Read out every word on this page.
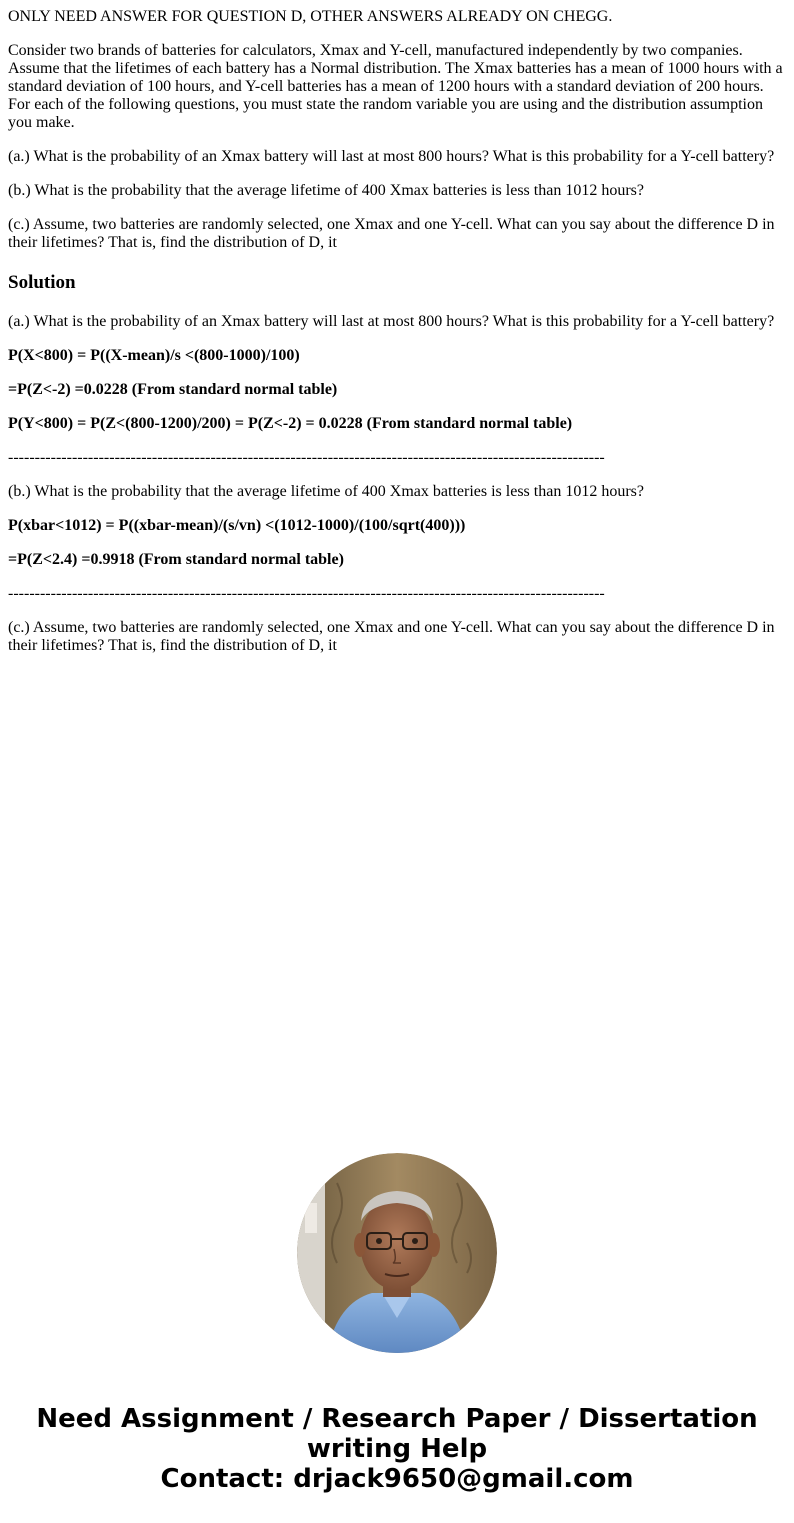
ONLY NEED ANSWER FOR QUESTION D, OTHER ANSWERS ALREADY ON CHEGG.

Consider two brands of batteries for calculators, Xmax and Y-cell, manufactured independently by two companies. Assume that the lifetimes of each battery has a Normal distribution. The Xmax batteries has a mean of 1000 hours with a standard deviation of 100 hours, and Y-cell batteries has a mean of 1200 hours with a standard deviation of 200 hours. For each of the following questions, you must state the random variable you are using and the distribution assumption you make.

(a.) What is the probability of an Xmax battery will last at most 800 hours? What is this probability for a Y-cell battery?

(b.) What is the probability that the average lifetime of 400 Xmax batteries is less than 1012 hours?

(c.) Assume, two batteries are randomly selected, one Xmax and one Y-cell. What can you say about the difference D in their lifetimes? That is, find the distribution of D, it

Solution

(a.) What is the probability of an Xmax battery will last at most 800 hours? What is this probability for a Y-cell battery?

P(X<800) = P((X-mean)/s <(800-1000)/100)

=P(Z<-2) =0.0228 (From standard normal table)

P(Y<800) = P(Z<(800-1200)/200) = P(Z<-2) = 0.0228 (From standard normal table)

----------------------------------------------------------------------------------------------------------------

(b.) What is the probability that the average lifetime of 400 Xmax batteries is less than 1012 hours?

P(xbar<1012) = P((xbar-mean)/(s/vn) <(1012-1000)/(100/sqrt(400)))

=P(Z<2.4) =0.9918 (From standard normal table)

----------------------------------------------------------------------------------------------------------------

(c.) Assume, two batteries are randomly selected, one Xmax and one Y-cell. What can you say about the difference D in their lifetimes? That is, find the distribution of D, it

Need Assignment / Research Paper / Dissertation
writing Help
Contact: drjack9650@gmail.com
